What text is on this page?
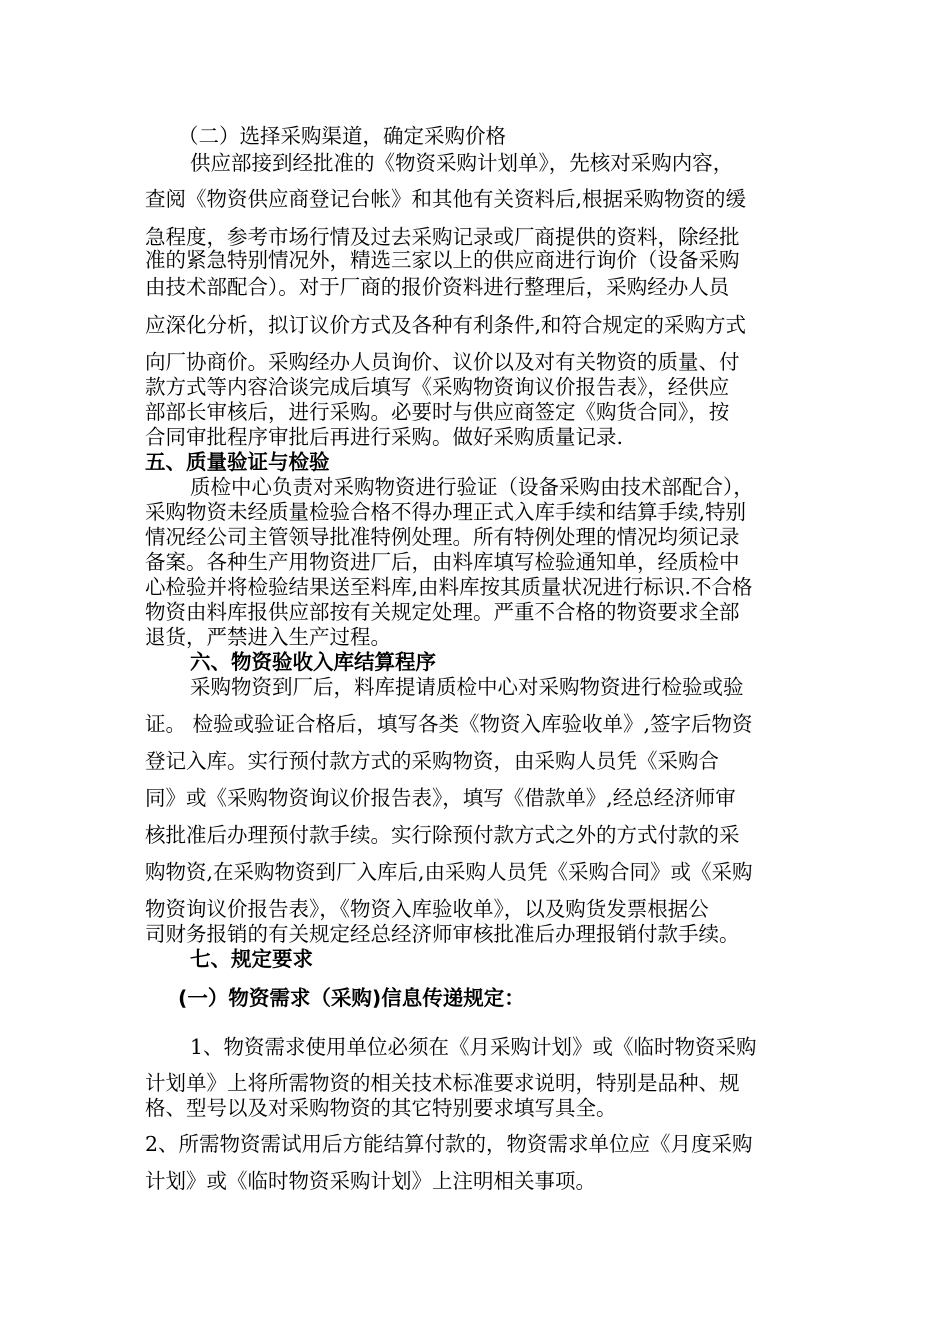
（二）选择采购渠道，确定采购价格
供应部接到经批准的《物资采购计划单》，先核对采购内容，
查阅《物资供应商登记台帐》和其他有关资料后,根据采购物资的缓
急程度，参考市场行情及过去采购记录或厂商提供的资料，除经批
准的紧急特别情况外，精选三家以上的供应商进行询价（设备采购
由技术部配合）。对于厂商的报价资料进行整理后，采购经办人员
应深化分析，拟订议价方式及各种有利条件,和符合规定的采购方式
向厂协商价。采购经办人员询价、议价以及对有关物资的质量、付
款方式等内容洽谈完成后填写《采购物资询议价报告表》，经供应
部部长审核后，进行采购。必要时与供应商签定《购货合同》，按
合同审批程序审批后再进行采购。做好采购质量记录.
五、质量验证与检验
质检中心负责对采购物资进行验证（设备采购由技术部配合），
采购物资未经质量检验合格不得办理正式入库手续和结算手续,特别
情况经公司主管领导批准特例处理。所有特例处理的情况均须记录
备案。各种生产用物资进厂后，由料库填写检验通知单，经质检中
心检验并将检验结果送至料库,由料库按其质量状况进行标识.不合格
物资由料库报供应部按有关规定处理。严重不合格的物资要求全部
退货，严禁进入生产过程。
六、物资验收入库结算程序
采购物资到厂后，料库提请质检中心对采购物资进行检验或验
证。 检验或验证合格后，填写各类《物资入库验收单》,签字后物资
登记入库。实行预付款方式的采购物资，由采购人员凭《采购合
同》或《采购物资询议价报告表》，填写《借款单》,经总经济师审
核批准后办理预付款手续。实行除预付款方式之外的方式付款的采
购物资,在采购物资到厂入库后,由采购人员凭《采购合同》或《采购
物资询议价报告表》，《物资入库验收单》，以及购货发票根据公
司财务报销的有关规定经总经济师审核批准后办理报销付款手续。
七、规定要求
(一）物资需求（采购)信息传递规定：
1、物资需求使用单位必须在《月采购计划》或《临时物资采购
计划单》上将所需物资的相关技术标准要求说明，特别是品种、规
格、型号以及对采购物资的其它特别要求填写具全。
2、所需物资需试用后方能结算付款的，物资需求单位应《月度采购
计划》或《临时物资采购计划》上注明相关事项。
